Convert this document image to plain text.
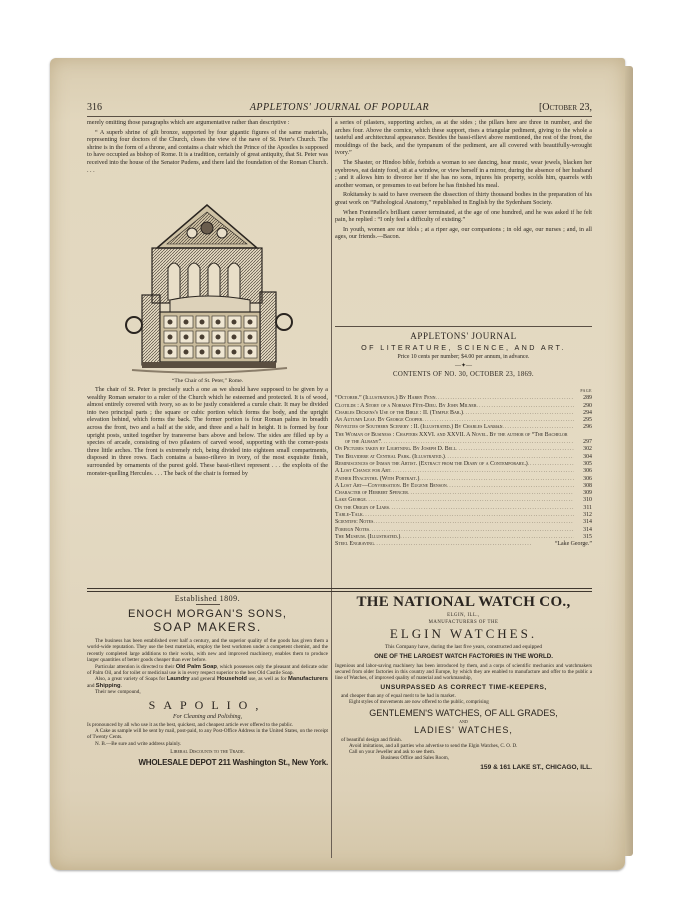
316	APPLETONS' JOURNAL OF POPULAR	[October 23,

merely omitting those paragraphs which are argumentative rather than descriptive :

“ A superb shrine of gilt bronze, supported by four gigantic figures of the same materials, representing four doctors of the Church, closes the view of the nave of St. Peter's Church. The shrine is in the form of a throne, and contains a chair which the Prince of the Apostles is supposed to have occupied as bishop of Rome. It is a tradition, certainly of great antiquity, that St. Peter was received into the house of the Senator Pudens, and there laid the foundation of the Roman Church. . . .

“The Chair of St. Peter,” Rome.

The chair of St. Peter is precisely such a one as we should have supposed to be given by a wealthy Roman senator to a ruler of the Church which he esteemed and protected. It is of wood, almost entirely covered with ivory, so as to be justly considered a curule chair. It may be divided into two principal parts ; the square or cubic portion which forms the body, and the upright elevation behind, which forms the back. The former portion is four Roman palms in breadth across the front, two and a half at the side, and three and a half in height. It is formed by four upright posts, united together by transverse bars above and below. The sides are filled up by a species of arcade, consisting of two pilasters of carved wood, supporting with the corner-posts three little arches. The front is extremely rich, being divided into eighteen small compartments, disposed in three rows. Each contains a basso-rilievo in ivory, of the most exquisite finish, surrounded by ornaments of the purest gold. These bassi-rilievi represent . . . the exploits of the monster-quelling Hercules. . . . The back of the chair is formed by

a series of pilasters, supporting arches, as at the sides ; the pillars here are three in number, and the arches four. Above the cornice, which these support, rises a triangular pediment, giving to the whole a tasteful and architectural appearance. Besides the bassi-rilievi above mentioned, the rest of the front, the mouldings of the back, and the tympanum of the pediment, are all covered with beautifully-wrought ivory.”

The Shaster, or Hindoo bible, forbids a woman to see dancing, hear music, wear jewels, blacken her eyebrows, eat dainty food, sit at a window, or view herself in a mirror, during the absence of her husband ; and it allows him to divorce her if she has no sons, injures his property, scolds him, quarrels with another woman, or presumes to eat before he has finished his meal.

Rokitansky is said to have overseen the dissection of thirty thousand bodies in the preparation of his great work on “Pathological Anatomy,” republished in English by the Sydenham Society.

When Fontenelle's brilliant career terminated, at the age of one hundred, and he was asked if he felt pain, he replied : “I only feel a difficulty of existing.”

In youth, women are our idols ; at a riper age, our companions ; in old age, our nurses ; and, in all ages, our friends.—Bacon.

APPLETONS' JOURNAL
OF LITERATURE, SCIENCE, AND ART.
Price 10 cents per number; $4.00 per annum, in advance.
—✦—
CONTENTS OF NO. 30, OCTOBER 23, 1869.
PAGE
“October.” (Illustration.) By Harry Fenn .....	289
Clotilde : A Story of a Norman Fête-Dieu. By John Milner .....	290
Charles Dickens's Use of the Bible : II. (Temple Bar.) .....	294
An Autumn Leaf. By George Cooper .....	295
Novelties of Southern Scenery : II. (Illustrated.) By Charles Lanman .....	296
The Woman of Business : Chapters XXVI. and XXVII. A Novel. By the author of “The Bachelor of the Albany” .....	297
On Pictures taken by Lightning. By Joseph D. Bell .....	302
The Belvidere at Central Park. (Illustrated.) .....	304
Reminiscences of Inman the Artist. (Extract from the Diary of a Contemporary.) .....	305
A Lost Chance for Art .....	306
Father Hyacinthe. (With Portrait.) .....	306
A Lost Art—Conversation. By Eugene Benson .....	308
Character of Herbert Spencer .....	309
Lake George .....	310
On the Origin of Liars .....	311
Table-Talk .....	312
Scientific Notes .....	314
Foreign Notes .....	314
The Museum. (Illustrated.) .....	315
Steel Engraving .....	“Lake George.”
Established 1809.
ENOCH MORGAN'S SONS,
SOAP MAKERS.

The business has been established over half a century, and the superior quality of the goods has given them a world-wide reputation. They use the best materials, employ the best workmen under a competent chemist, and the recently completed large additions to their works, with new and improved machinery, enables them to produce larger quantities of better goods cheaper than ever before.

Particular attention is directed to their Old Palm Soap, which possesses only the pleasant and delicate odor of Palm Oil, and for toilet or medicinal use is in every respect superior to the best Old Castile Soap.

Also, a great variety of Soaps for Laundry and general Household use, as well as for Manufacturers and Shipping.

Their new compound,

SAPOLIO,
For Cleaning and Polishing,

Is pronounced by all who use it as the best, quickest, and cheapest article ever offered to the public.

A Cake as sample will be sent by mail, post-paid, to any Post-Office Address in the United States, on the receipt of Twenty Cents.

N. B.—Be sure and write address plainly.

Liberal Discounts to the Trade.
WHOLESALE DEPOT 211 Washington St., New York.
THE NATIONAL WATCH CO.,
ELGIN, ILL.,
MANUFACTURERS OF THE
ELGIN WATCHES.
This Company have, during the last five years, constructed and equipped
ONE OF THE LARGEST WATCH FACTORIES IN THE WORLD.

Ingenious and labor-saving machinery has been introduced by them, and a corps of scientific mechanics and watchmakers secured from older factories in this country and Europe, by which they are enabled to manufacture and offer to the public a line of Watches, of improved quality of material and workmanship,

UNSURPASSED AS CORRECT TIME-KEEPERS,

and cheaper than any of equal merit to be had in market.

Eight styles of movements are now offered to the public, comprising

GENTLEMEN'S WATCHES, OF ALL GRADES,
AND
LADIES' WATCHES,

of beautiful design and finish.

Avoid imitations, and all parties who advertise to send the Elgin Watches, C. O. D.

Call on your Jeweller and ask to see them.

Business Office and Sales Room,

159 & 161 LAKE ST., CHICAGO, ILL.
